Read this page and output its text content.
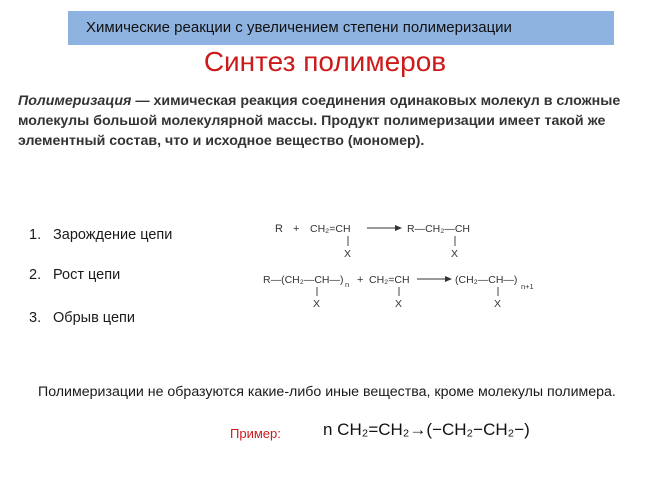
Химические реакции с увеличением степени полимеризации
Синтез полимеров
Полимеризация — химическая реакция соединения одинаковых молекул в сложные молекулы большой молекулярной массы. Продукт полимеризации имеет такой же элементный состав, что и исходное вещество (мономер).
1. Зарождение цепи
2. Рост цепи
3. Обрыв цепи
R + CH₂=CH
X
R—CH₂—CH
X
R—(CH₂—CH—) n
X
+ CH₂=CH
X
(CH₂—CH—)
n+1
X
Полимеризации не образуются какие-либо иные вещества, кроме молекулы полимера.
Пример: n CH₂=CH₂→(−CH₂−CH₂−)
